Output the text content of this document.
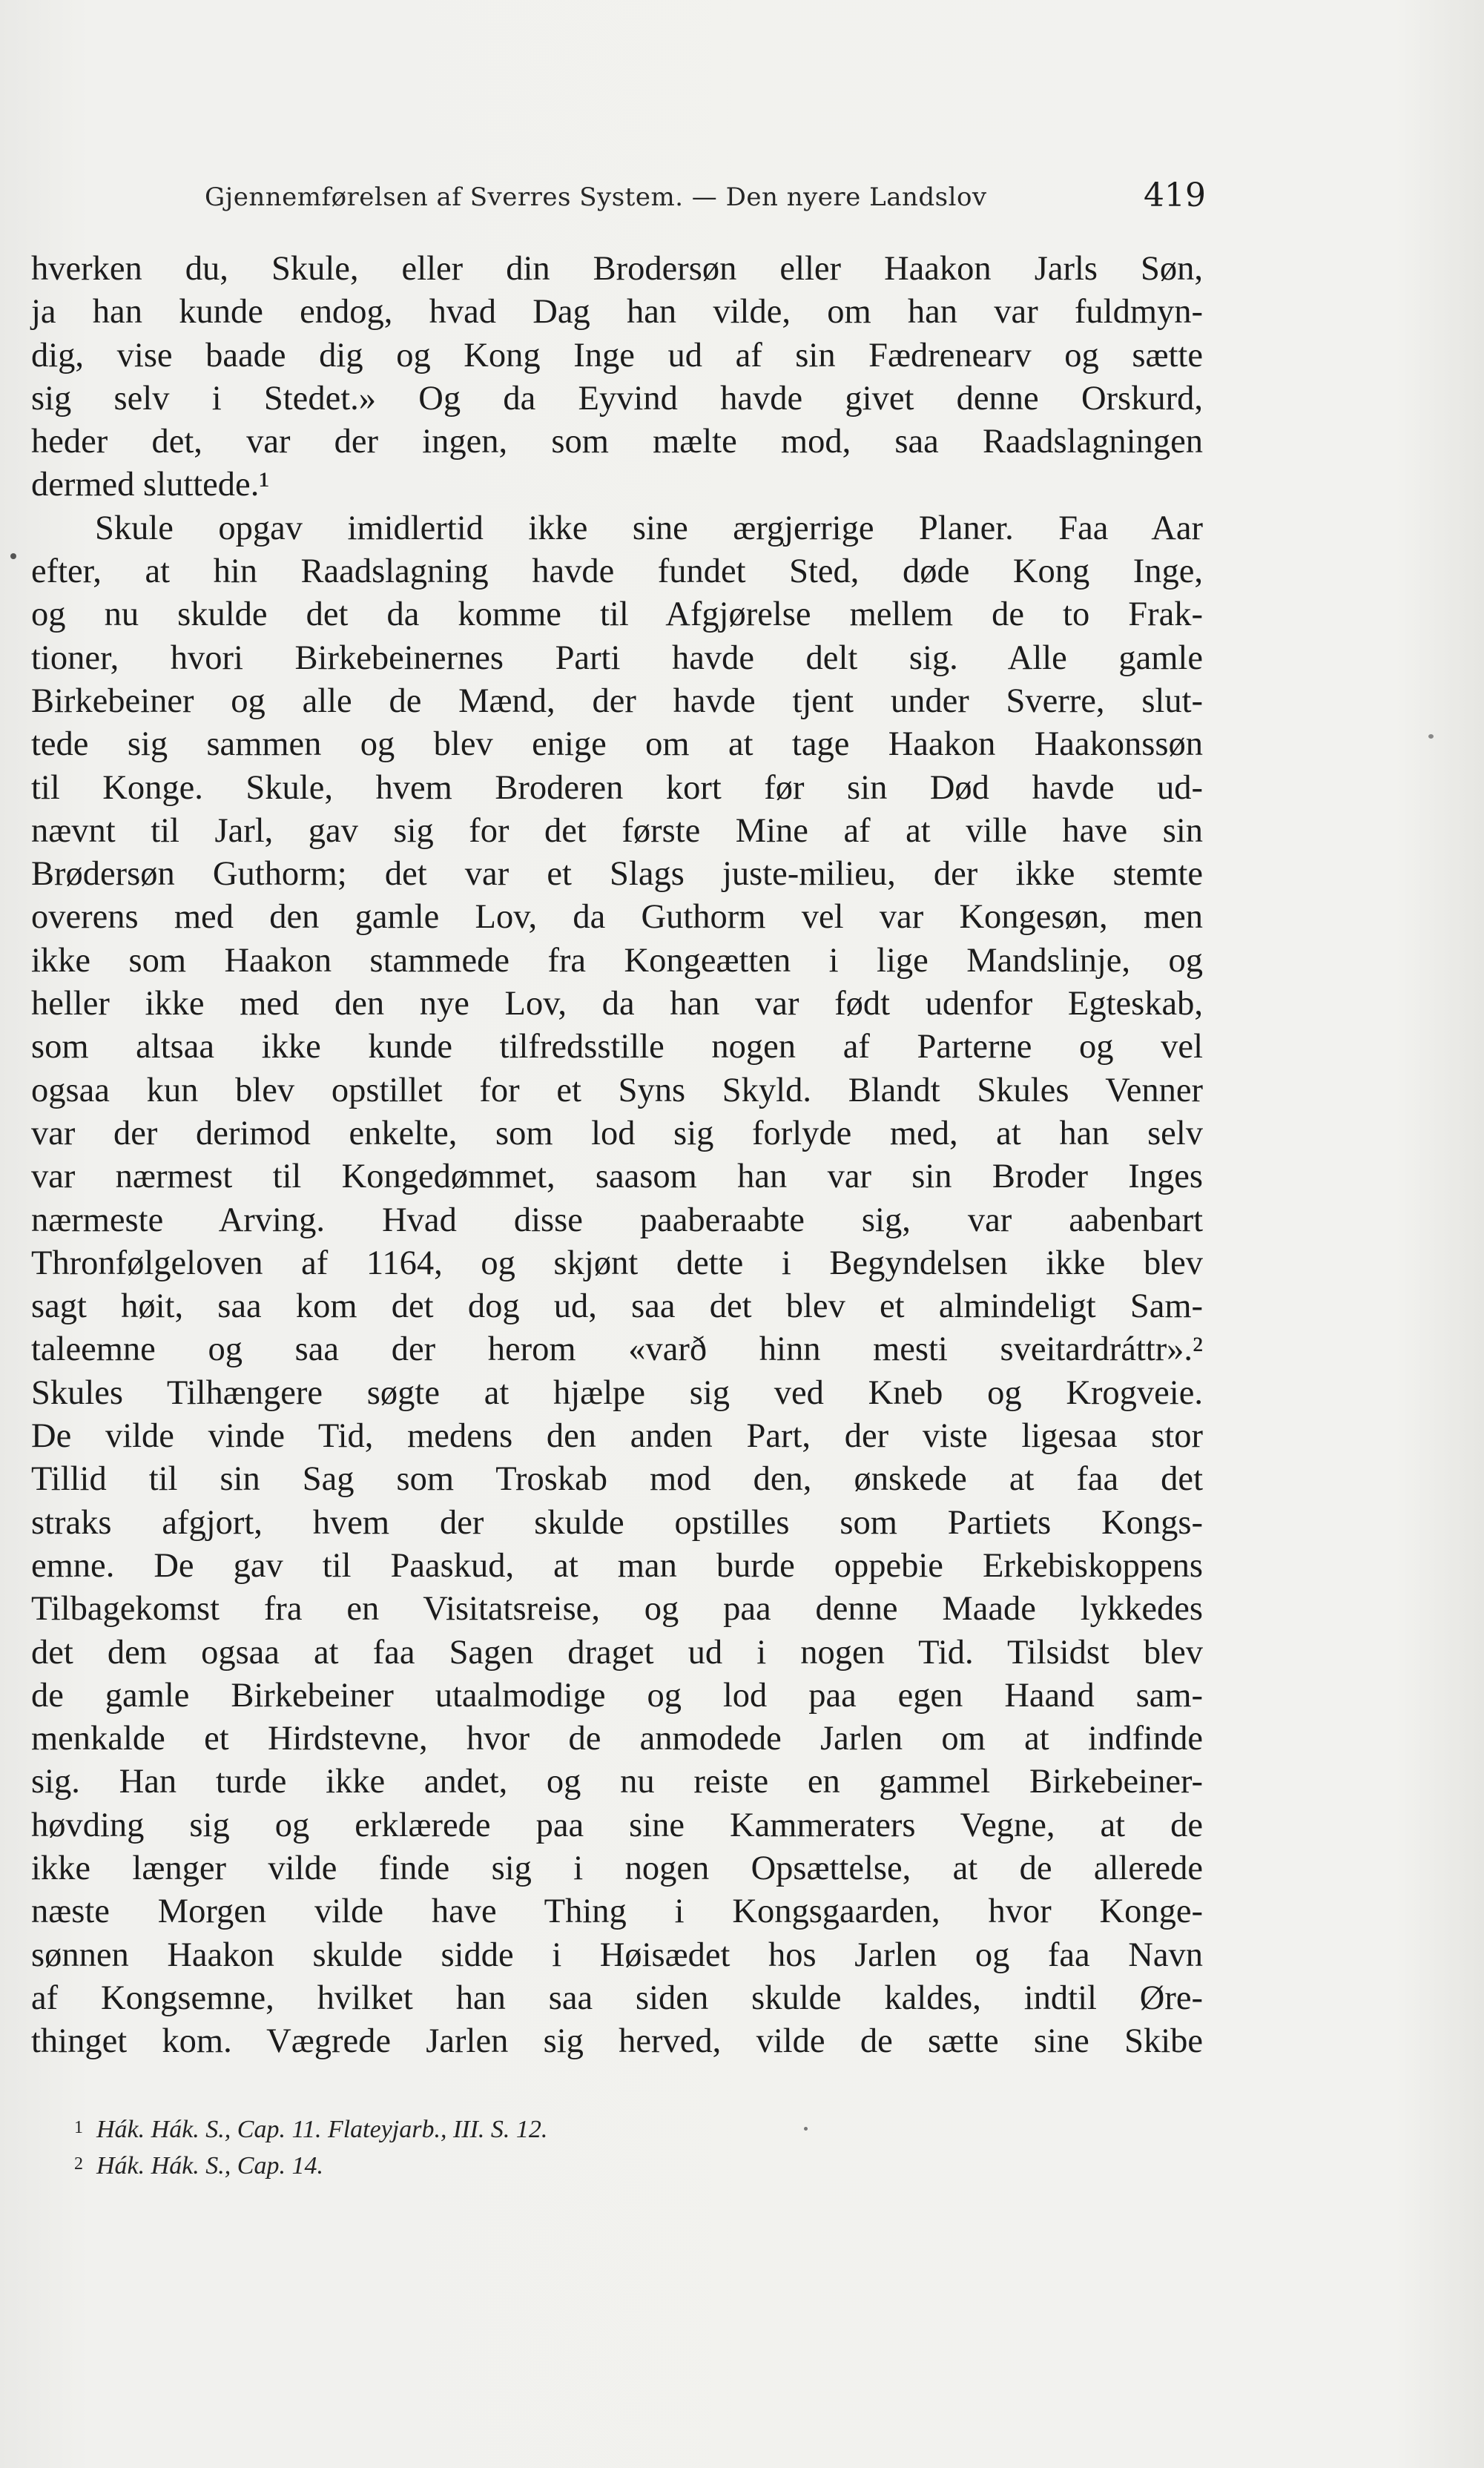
Gjennemførelsen af Sverres System. — Den nyere Landslov	419
hverken du, Skule, eller din Brodersøn eller Haakon Jarls Søn,
ja han kunde endog, hvad Dag han vilde, om han var fuldmyn-
dig, vise baade dig og Kong Inge ud af sin Fædrenearv og sætte
sig selv i Stedet.» Og da Eyvind havde givet denne Orskurd,
heder det, var der ingen, som mælte mod, saa Raadslagningen
dermed sluttede.¹
Skule opgav imidlertid ikke sine ærgjerrige Planer. Faa Aar
efter, at hin Raadslagning havde fundet Sted, døde Kong Inge,
og nu skulde det da komme til Afgjørelse mellem de to Frak-
tioner, hvori Birkebeinernes Parti havde delt sig. Alle gamle
Birkebeiner og alle de Mænd, der havde tjent under Sverre, slut-
tede sig sammen og blev enige om at tage Haakon Haakonssøn
til Konge. Skule, hvem Broderen kort før sin Død havde ud-
nævnt til Jarl, gav sig for det første Mine af at ville have sin
Brødersøn Guthorm; det var et Slags juste-milieu, der ikke stemte
overens med den gamle Lov, da Guthorm vel var Kongesøn, men
ikke som Haakon stammede fra Kongeætten i lige Mandslinje, og
heller ikke med den nye Lov, da han var født udenfor Egteskab,
som altsaa ikke kunde tilfredsstille nogen af Parterne og vel
ogsaa kun blev opstillet for et Syns Skyld. Blandt Skules Venner
var der derimod enkelte, som lod sig forlyde med, at han selv
var nærmest til Kongedømmet, saasom han var sin Broder Inges
nærmeste Arving. Hvad disse paaberaabte sig, var aabenbart
Thronfølgeloven af 1164, og skjønt dette i Begyndelsen ikke blev
sagt høit, saa kom det dog ud, saa det blev et almindeligt Sam-
taleemne og saa der herom «varð hinn mesti sveitardráttr».²
Skules Tilhængere søgte at hjælpe sig ved Kneb og Krogveie.
De vilde vinde Tid, medens den anden Part, der viste ligesaa stor
Tillid til sin Sag som Troskab mod den, ønskede at faa det
straks afgjort, hvem der skulde opstilles som Partiets Kongs-
emne. De gav til Paaskud, at man burde oppebie Erkebiskoppens
Tilbagekomst fra en Visitatsreise, og paa denne Maade lykkedes
det dem ogsaa at faa Sagen draget ud i nogen Tid. Tilsidst blev
de gamle Birkebeiner utaalmodige og lod paa egen Haand sam-
menkalde et Hirdstevne, hvor de anmodede Jarlen om at indfinde
sig. Han turde ikke andet, og nu reiste en gammel Birkebeiner-
høvding sig og erklærede paa sine Kammeraters Vegne, at de
ikke længer vilde finde sig i nogen Opsættelse, at de allerede
næste Morgen vilde have Thing i Kongsgaarden, hvor Konge-
sønnen Haakon skulde sidde i Høisædet hos Jarlen og faa Navn
af Kongsemne, hvilket han saa siden skulde kaldes, indtil Øre-
thinget kom. Vægrede Jarlen sig herved, vilde de sætte sine Skibe
1 Hák. Hák. S., Cap. 11. Flateyjarb., III. S. 12.
2 Hák. Hák. S., Cap. 14.
